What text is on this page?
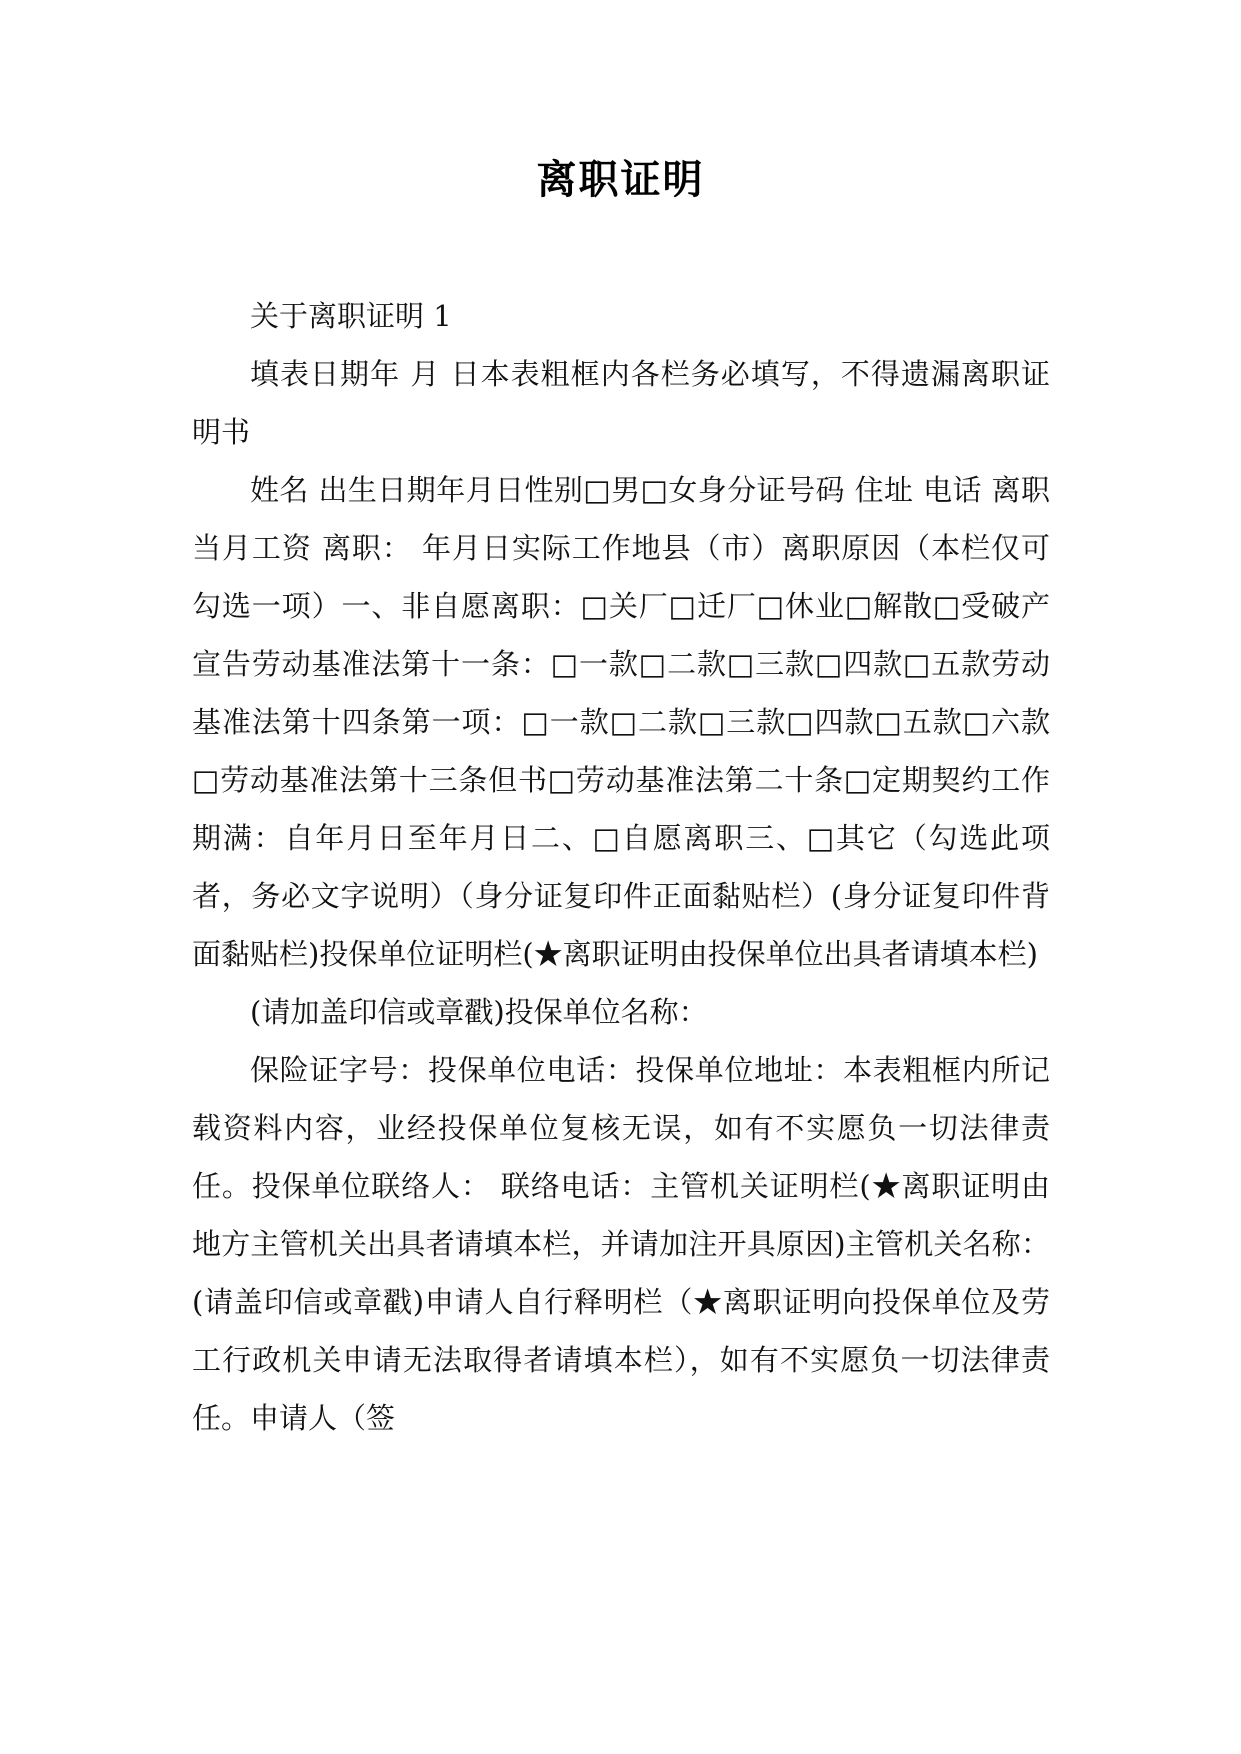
离职证明

关于离职证明 1

填表日期年 月 日本表粗框内各栏务必填写，不得遗漏离职证明书

姓名 出生日期年月日性别□男□女身分证号码 住址 电话 离职当月工资 离职： 年月日实际工作地县（市）离职原因（本栏仅可勾选一项）一、非自愿离职：□关厂□迁厂□休业□解散□受破产宣告劳动基准法第十一条：□一款□二款□三款□四款□五款劳动基准法第十四条第一项：□一款□二款□三款□四款□五款□六款□劳动基准法第十三条但书□劳动基准法第二十条□定期契约工作期满：自年月日至年月日二、□自愿离职三、□其它（勾选此项者，务必文字说明）（身分证复印件正面黏贴栏）(身分证复印件背面黏贴栏)投保单位证明栏(★离职证明由投保单位出具者请填本栏)

(请加盖印信或章戳)投保单位名称：

保险证字号：投保单位电话：投保单位地址：本表粗框内所记载资料内容，业经投保单位复核无误，如有不实愿负一切法律责任。投保单位联络人： 联络电话：主管机关证明栏(★离职证明由地方主管机关出具者请填本栏，并请加注开具原因)主管机关名称：(请盖印信或章戳)申请人自行释明栏（★离职证明向投保单位及劳工行政机关申请无法取得者请填本栏），如有不实愿负一切法律责任。申请人（签
